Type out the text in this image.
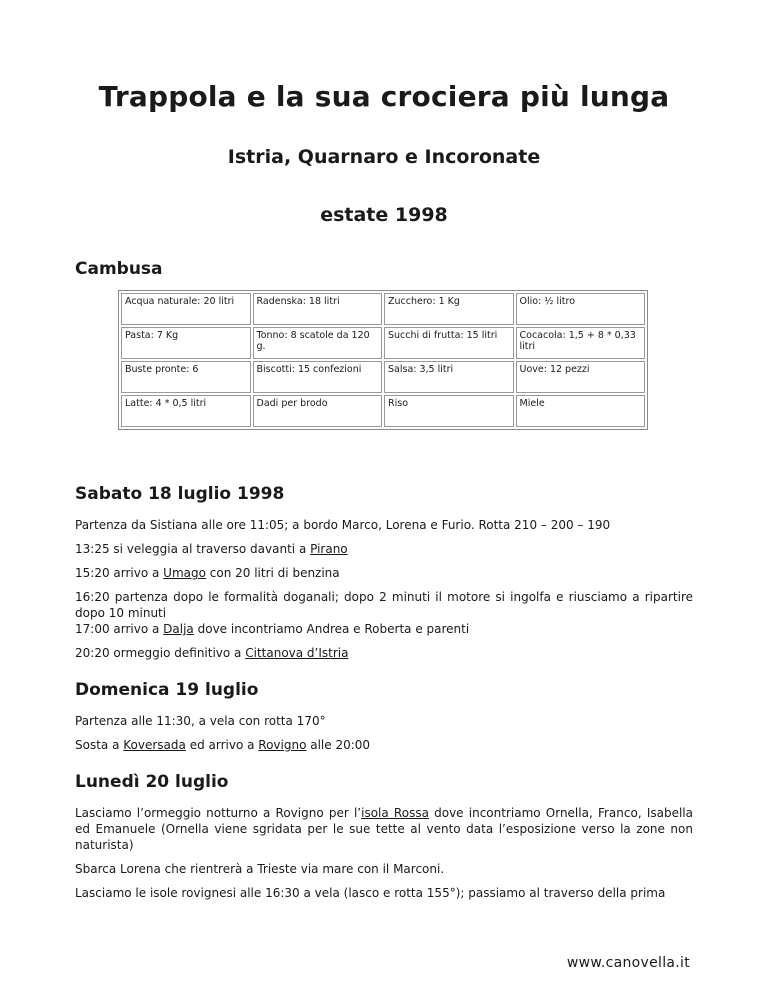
Trappola e la sua crociera più lunga
Istria, Quarnaro e Incoronate
estate 1998
Cambusa
Acqua naturale: 20 litri	Radenska: 18 litri	Zucchero: 1 Kg	Olio: ½ litro
Pasta: 7 Kg	Tonno: 8 scatole da 120 g.	Succhi di frutta: 15 litri	Cocacola: 1,5 + 8 * 0,33 litri
Buste pronte: 6	Biscotti: 15 confezioni	Salsa: 3,5 litri	Uove: 12 pezzi
Latte: 4 * 0,5 litri	Dadi per brodo	Riso	Miele
Sabato 18 luglio 1998

Partenza da Sistiana alle ore 11:05; a bordo Marco, Lorena e Furio. Rotta 210 – 200 – 190

13:25 si veleggia al traverso davanti a Pirano

15:20 arrivo a Umago con 20 litri di benzina

16:20 partenza dopo le formalità doganali; dopo 2 minuti il motore si ingolfa e riusciamo a ripartire dopo 10 minuti

17:00 arrivo a Dalja dove incontriamo Andrea e Roberta e parenti

20:20 ormeggio definitivo a Cittanova d’Istria

Domenica 19 luglio

Partenza alle 11:30, a vela con rotta 170°

Sosta a Koversada ed arrivo a Rovigno alle 20:00

Lunedì 20 luglio

Lasciamo l’ormeggio notturno a Rovigno per l’isola Rossa dove incontriamo Ornella, Franco, Isabella ed Emanuele (Ornella viene sgridata per le sue tette al vento data l’esposizione verso la zone non naturista)

Sbarca Lorena che rientrerà a Trieste via mare con il Marconi.

Lasciamo le isole rovignesi alle 16:30 a vela (lasco e rotta 155°); passiamo al traverso della prima

www.canovella.it
